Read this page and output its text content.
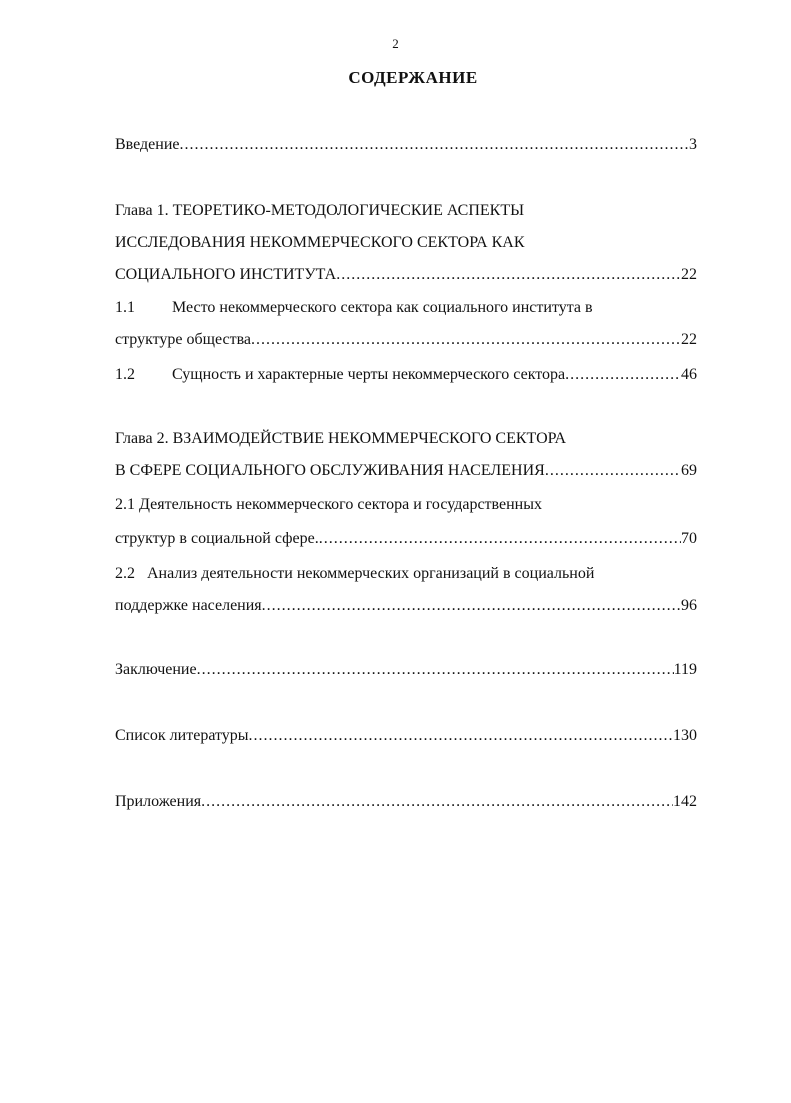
2
СОДЕРЖАНИЕ
Введение .....	3
Глава 1. ТЕОРЕТИКО-МЕТОДОЛОГИЧЕСКИЕ АСПЕКТЫ
ИССЛЕДОВАНИЯ НЕКОММЕРЧЕСКОГО СЕКТОРА КАК
СОЦИАЛЬНОГО ИНСТИТУТА .....	22
1.1 Место некоммерческого сектора как социального института в
структуре общества .....	22
1.2 Сущность и характерные черты некоммерческого сектора .....	46
Глава 2. ВЗАИМОДЕЙСТВИЕ НЕКОММЕРЧЕСКОГО СЕКТОРА
В СФЕРЕ СОЦИАЛЬНОГО ОБСЛУЖИВАНИЯ НАСЕЛЕНИЯ .....	69
2.1 Деятельность некоммерческого сектора и государственных
структур в социальной сфере. .....	70
2.2   Анализ деятельности некоммерческих организаций в социальной
поддержке населения .....	96
Заключение .....	119
Список литературы .....	130
Приложения .....	142
